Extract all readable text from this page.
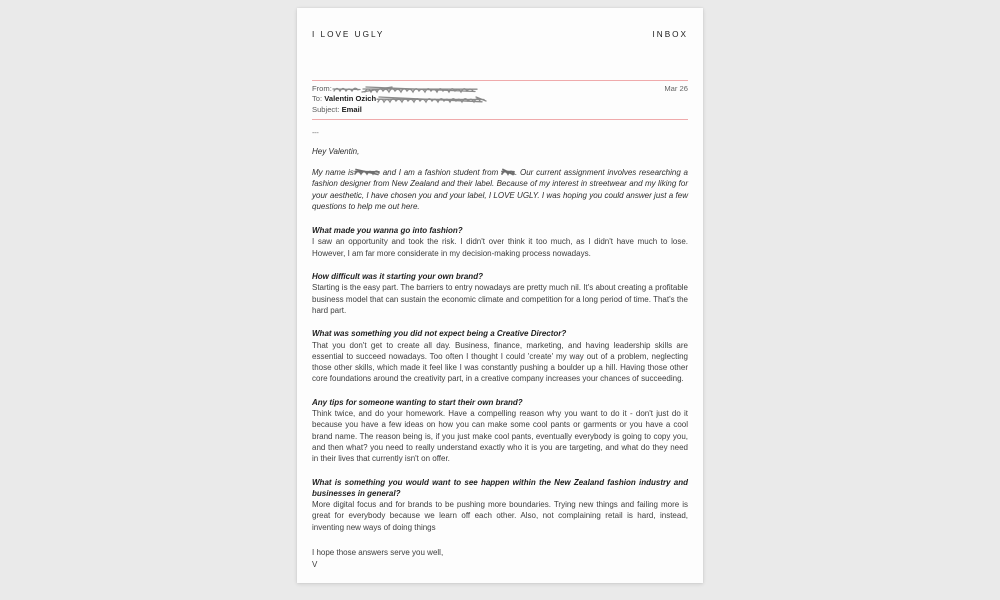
I LOVE UGLY	INBOX
Mar 26
From:
To: Valentin Ozich
Subject: Email
---
Hey Valentin,
My name is	and I am a fashion student from . Our current assignment involves researching a fashion designer from New Zealand and their label. Because of my interest in streetwear and my liking for your aesthetic, I have chosen you and your label, I LOVE UGLY. I was hoping you could answer just a few questions to help me out here.
What made you wanna go into fashion?
I saw an opportunity and took the risk. I didn't over think it too much, as I didn't have much to lose. However, I am far more considerate in my decision-making process nowadays.
How difficult was it starting your own brand?
Starting is the easy part. The barriers to entry nowadays are pretty much nil. It's about creating a profitable business model that can sustain the economic climate and competition for a long period of time. That's the hard part.
What was something you did not expect being a Creative Director?
That you don't get to create all day. Business, finance, marketing, and having leadership skills are essential to succeed nowadays. Too often I thought I could 'create' my way out of a problem, neglecting those other skills, which made it feel like I was constantly pushing a boulder up a hill. Having those other core foundations around the creativity part, in a creative company increases your chances of succeeding.
Any tips for someone wanting to start their own brand?
Think twice, and do your homework. Have a compelling reason why you want to do it - don't just do it because you have a few ideas on how you can make some cool pants or garments or you have a cool brand name. The reason being is, if you just make cool pants, eventually everybody is going to copy you, and then what? you need to really understand exactly who it is you are targeting, and what do they need in their lives that currently isn't on offer.
What is something you would want to see happen within the New Zealand fashion industry and businesses in general?
More digital focus and for brands to be pushing more boundaries. Trying new things and failing more is great for everybody because we learn off each other. Also, not complaining retail is hard, instead, inventing new ways of doing things
I hope those answers serve you well,
V
